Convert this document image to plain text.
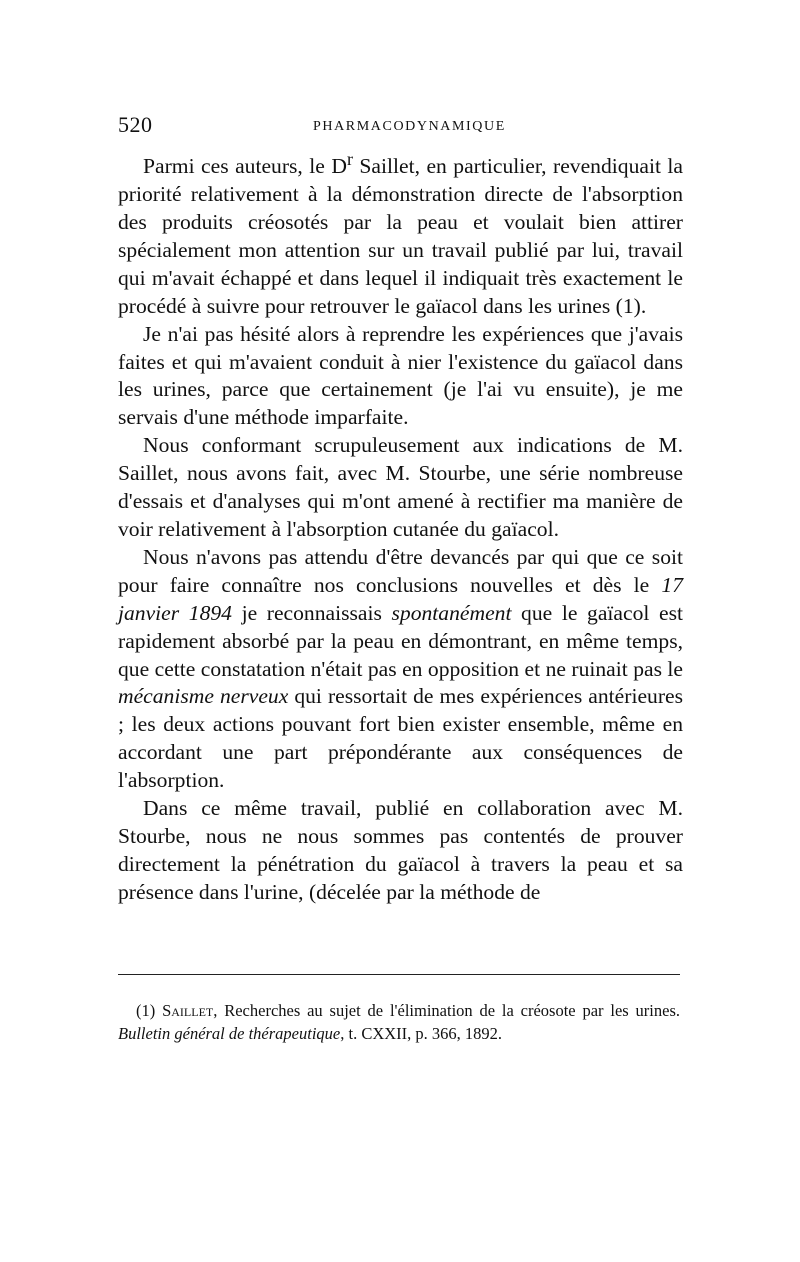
520	PHARMACODYNAMIQUE

Parmi ces auteurs, le $D^r$ Saillet, en particulier, revendiquait la priorité relativement à la démonstration directe de l'absorption des produits créosotés par la peau et voulait bien attirer spécialement mon attention sur un travail publié par lui, travail qui m'avait échappé et dans lequel il indiquait très exactement le procédé à suivre pour retrouver le gaïacol dans les urines (1).

Je n'ai pas hésité alors à reprendre les expériences que j'avais faites et qui m'avaient conduit à nier l'existence du gaïacol dans les urines, parce que certainement (je l'ai vu ensuite), je me servais d'une méthode imparfaite.

Nous conformant scrupuleusement aux indications de M. Saillet, nous avons fait, avec M. Stourbe, une série nombreuse d'essais et d'analyses qui m'ont amené à rectifier ma manière de voir relativement à l'absorption cutanée du gaïacol.

Nous n'avons pas attendu d'être devancés par qui que ce soit pour faire connaître nos conclusions nouvelles et dès le 17 janvier 1894 je reconnaissais spontanément que le gaïacol est rapidement absorbé par la peau en démontrant, en même temps, que cette constatation n'était pas en opposition et ne ruinait pas le mécanisme nerveux qui ressortait de mes expériences antérieures ; les deux actions pouvant fort bien exister ensemble, même en accordant une part prépondérante aux conséquences de l'absorption.

Dans ce même travail, publié en collaboration avec M. Stourbe, nous ne nous sommes pas contentés de prouver directement la pénétration du gaïacol à travers la peau et sa présence dans l'urine, (décelée par la méthode de

(1) Saillet, Recherches au sujet de l'élimination de la créosote par les urines. Bulletin général de thérapeutique, t. CXXII, p. 366, 1892.
